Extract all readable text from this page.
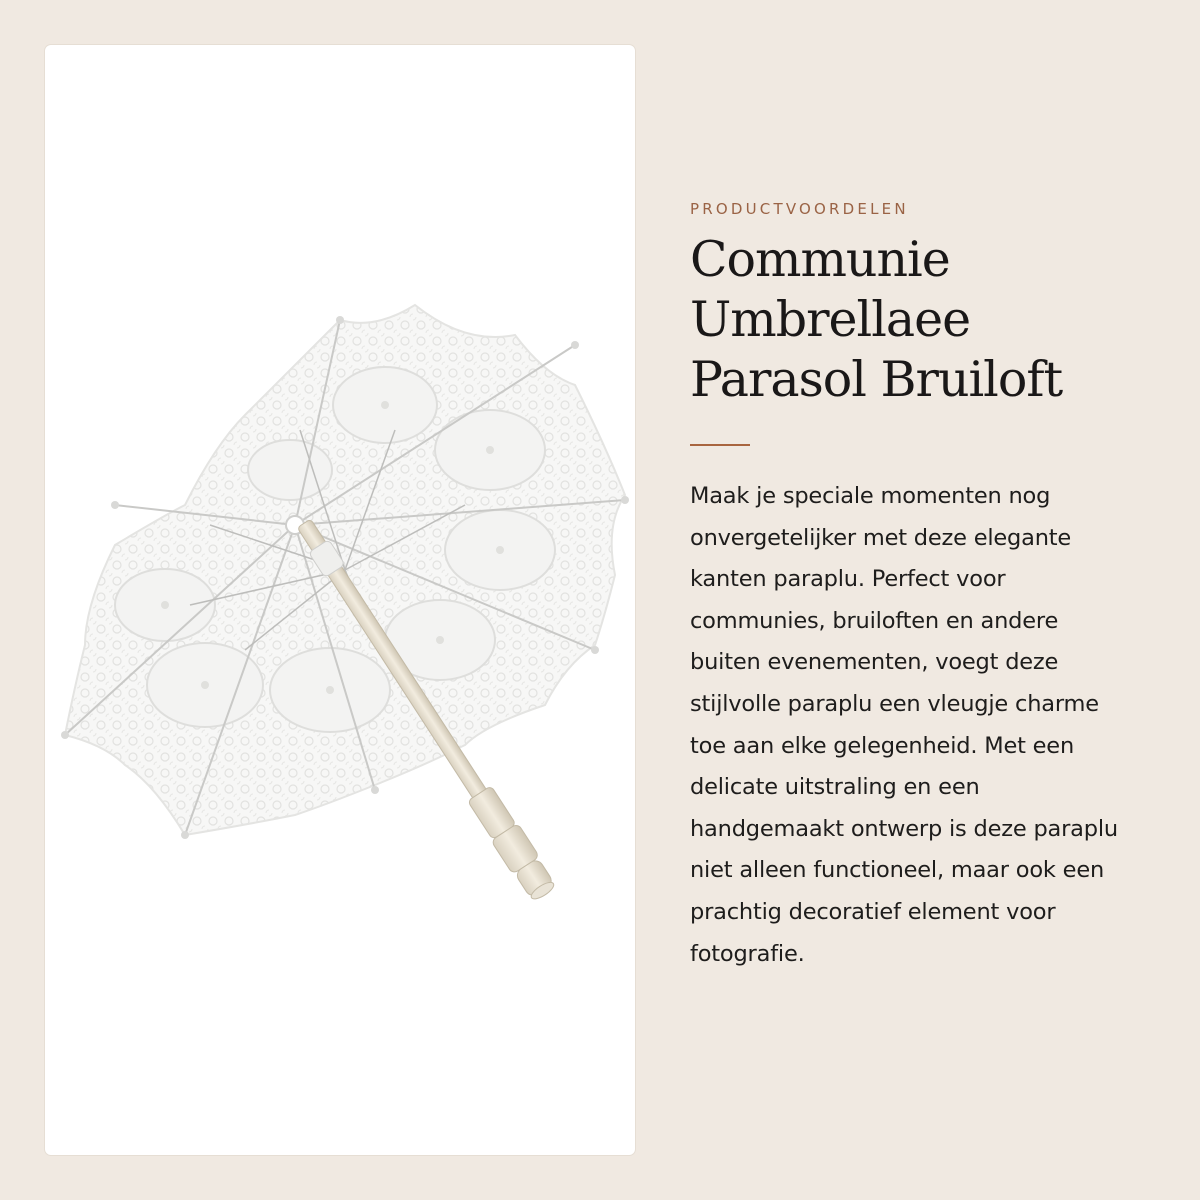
PRODUCTVOORDELEN
Communie Umbrellaee Parasol Bruiloft

Maak je speciale momenten nog onvergetelijker met deze elegante kanten paraplu. Perfect voor communies, bruiloften en andere buiten evenementen, voegt deze stijlvolle paraplu een vleugje charme toe aan elke gelegenheid. Met een delicate uitstraling en een handgemaakt ontwerp is deze paraplu niet alleen functioneel, maar ook een prachtig decoratief element voor fotografie.
